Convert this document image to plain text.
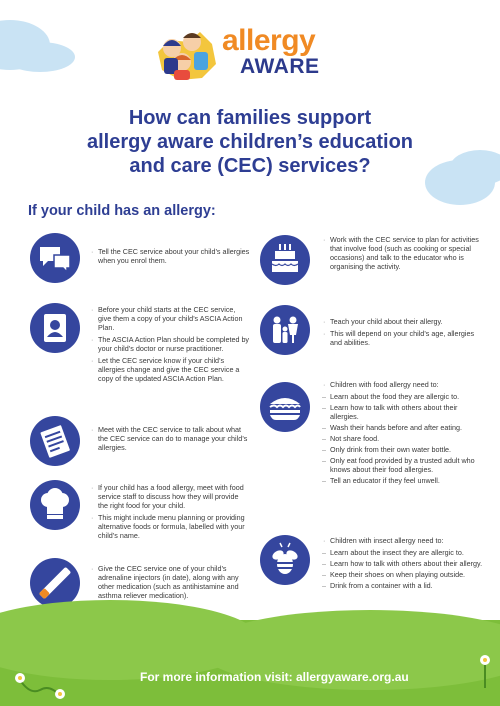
allergy
AWARE
How can families support
allergy aware children’s education
and care (CEC) services?
If your child has an allergy:
· Tell the CEC service about your child’s allergies when you enrol them.
· Before your child starts at the CEC service, give them a copy of your child’s ASCIA Action Plan.
· The ASCIA Action Plan should be completed by your child’s doctor or nurse practitioner.
· Let the CEC service know if your child’s allergies change and give the CEC service a copy of the updated ASCIA Action Plan.
· Meet with the CEC service to talk about what the CEC service can do to manage your child’s allergies.
· If your child has a food allergy, meet with food service staff to discuss how they will provide the right food for your child.
· This might include menu planning or providing alternative foods or formula, labelled with your child’s name.
· Give the CEC service one of your child’s adrenaline injectors (in date), along with any other medication (such as antihistamine and asthma reliever medication).
· Work with the CEC service to plan for activities that involve food (such as cooking or special occasions) and talk to the educator who is organising the activity.
· Teach your child about their allergy.
· This will depend on your child’s age, allergies and abilities.
· Children with food allergy need to:
– Learn about the food they are allergic to.
– Learn how to talk with others about their allergies.
– Wash their hands before and after eating.
– Not share food.
– Only drink from their own water bottle.
– Only eat food provided by a trusted adult who knows about their food allergies.
– Tell an educator if they feel unwell.
· Children with insect allergy need to:
– Learn about the insect they are allergic to.
– Learn how to talk with others about their allergy.
– Keep their shoes on when playing outside.
– Drink from a container with a lid.
For more information visit: allergyaware.org.au
